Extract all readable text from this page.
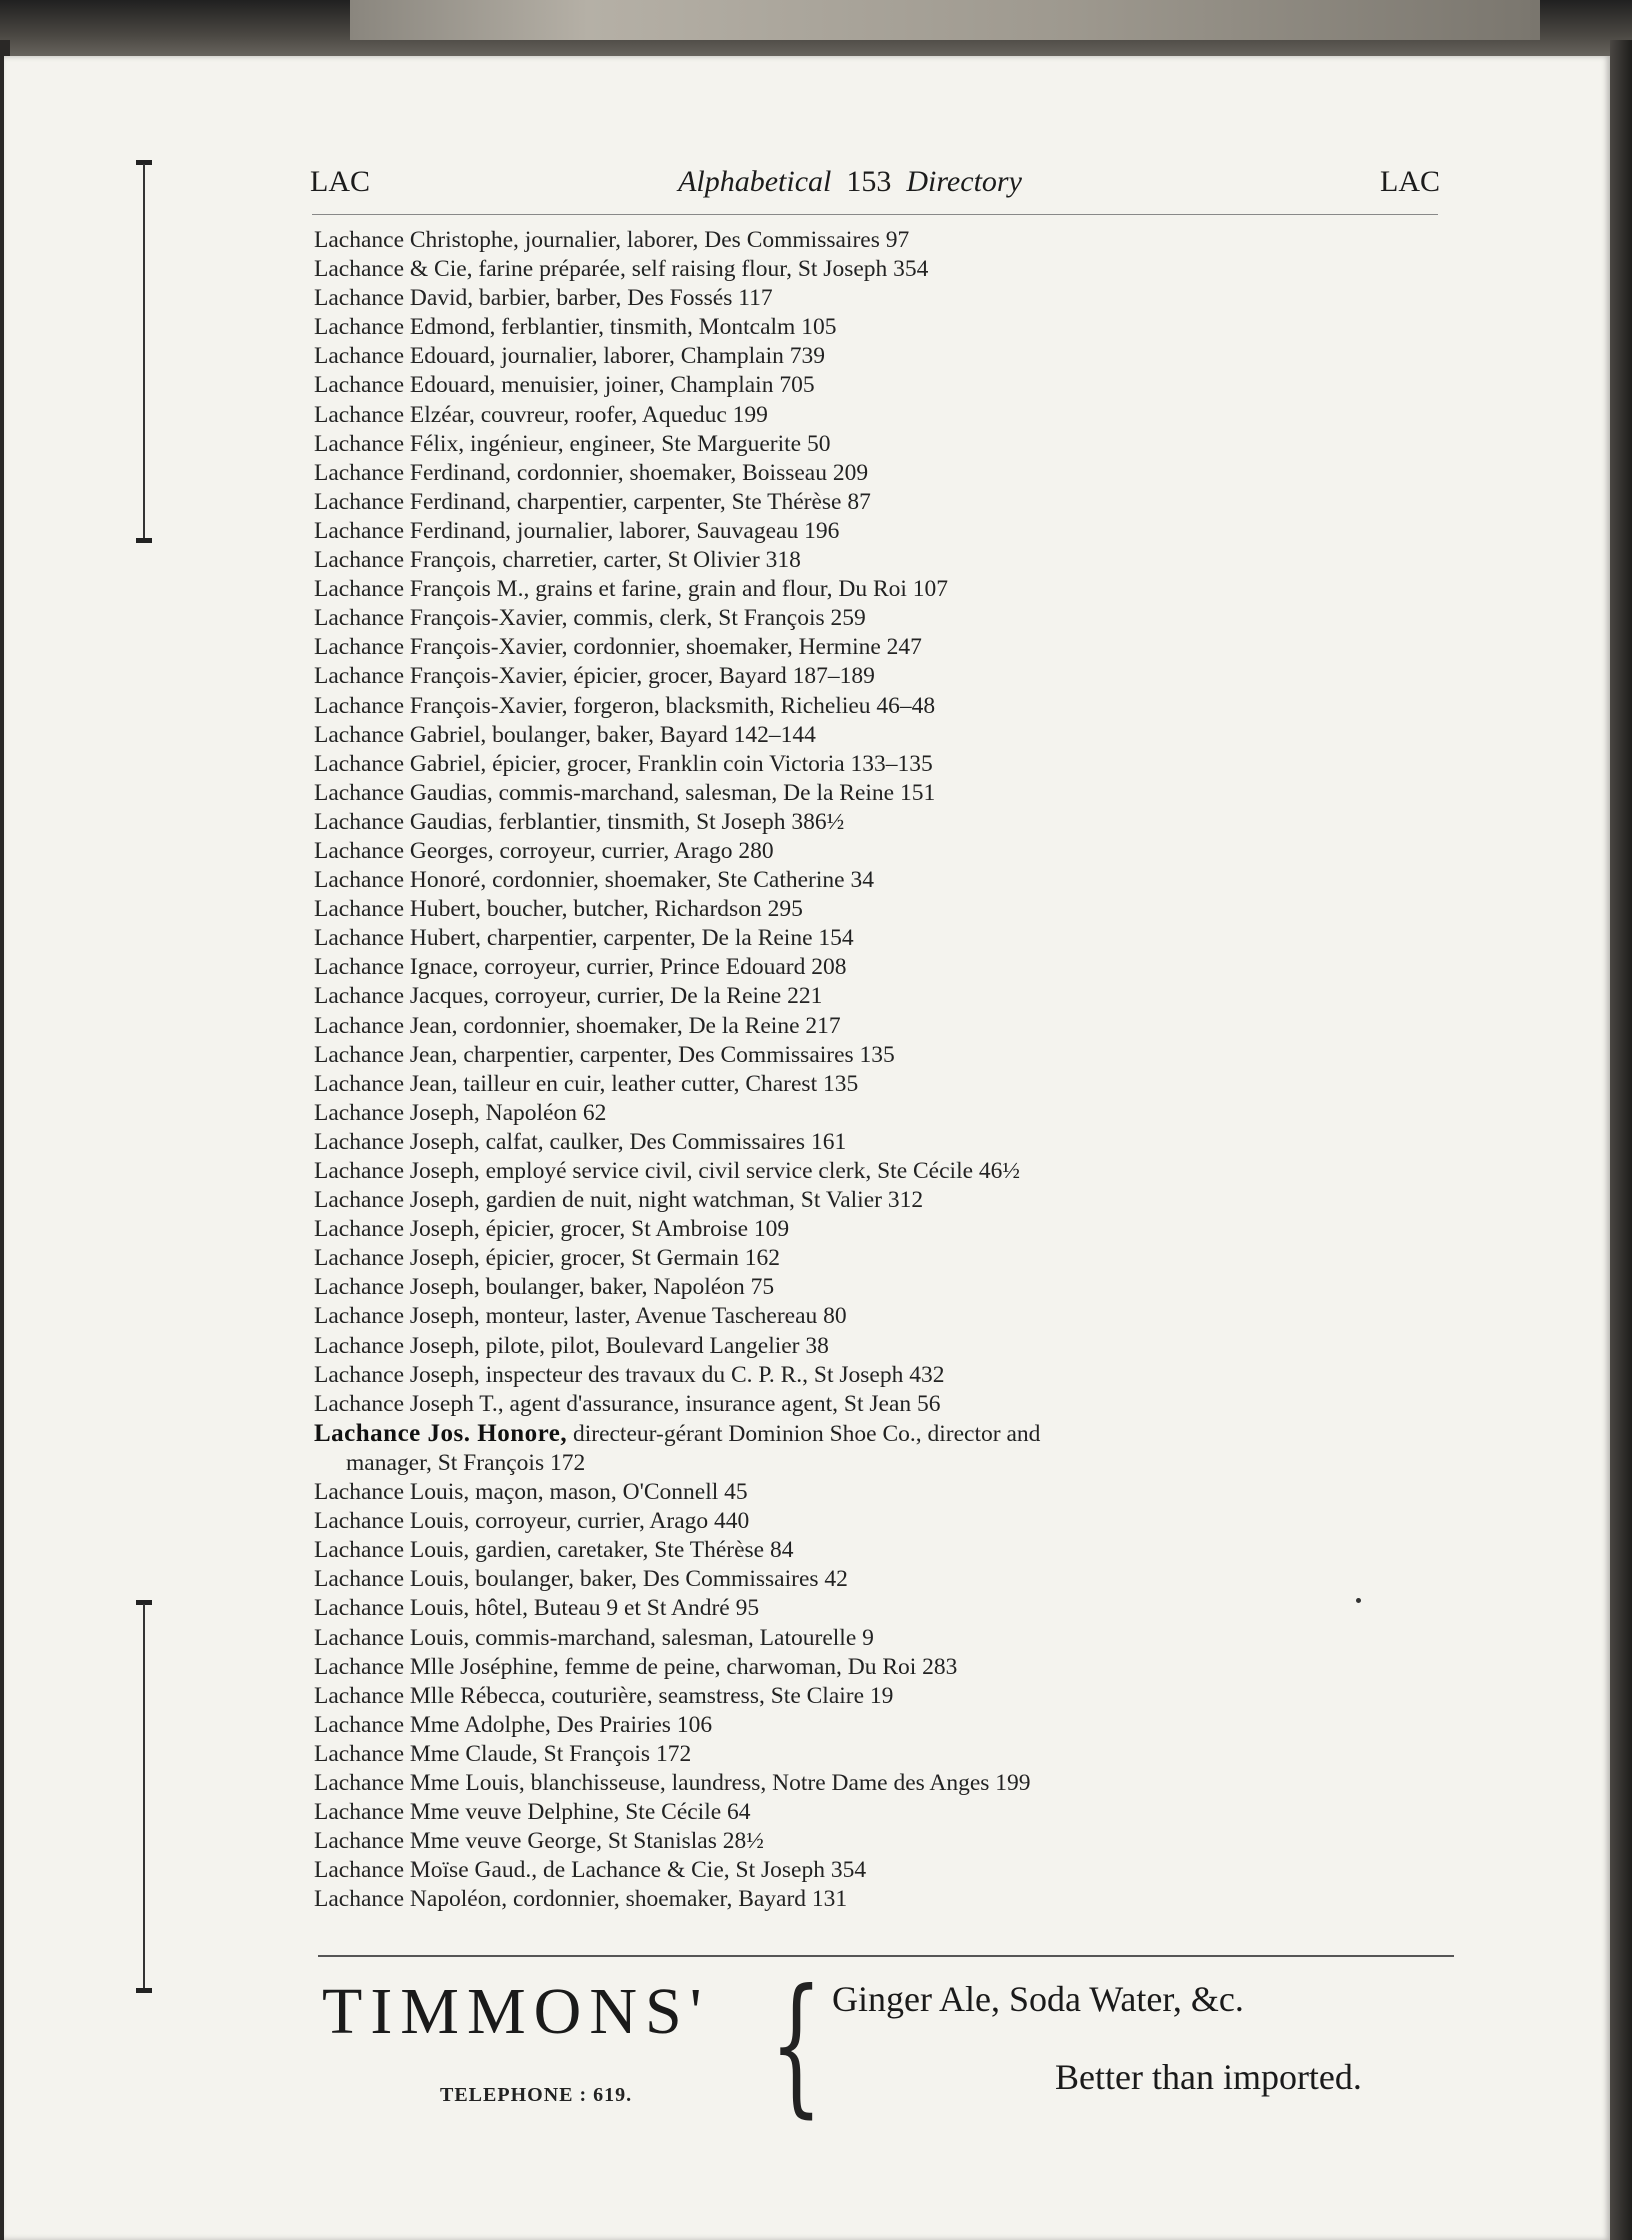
LAC	Alphabetical 153 Directory	LAC
Lachance Christophe, journalier, laborer, Des Commissaires 97
Lachance & Cie, farine préparée, self raising flour, St Joseph 354
Lachance David, barbier, barber, Des Fossés 117
Lachance Edmond, ferblantier, tinsmith, Montcalm 105
Lachance Edouard, journalier, laborer, Champlain 739
Lachance Edouard, menuisier, joiner, Champlain 705
Lachance Elzéar, couvreur, roofer, Aqueduc 199
Lachance Félix, ingénieur, engineer, Ste Marguerite 50
Lachance Ferdinand, cordonnier, shoemaker, Boisseau 209
Lachance Ferdinand, charpentier, carpenter, Ste Thérèse 87
Lachance Ferdinand, journalier, laborer, Sauvageau 196
Lachance François, charretier, carter, St Olivier 318
Lachance François M., grains et farine, grain and flour, Du Roi 107
Lachance François-Xavier, commis, clerk, St François 259
Lachance François-Xavier, cordonnier, shoemaker, Hermine 247
Lachance François-Xavier, épicier, grocer, Bayard 187–189
Lachance François-Xavier, forgeron, blacksmith, Richelieu 46–48
Lachance Gabriel, boulanger, baker, Bayard 142–144
Lachance Gabriel, épicier, grocer, Franklin coin Victoria 133–135
Lachance Gaudias, commis-marchand, salesman, De la Reine 151
Lachance Gaudias, ferblantier, tinsmith, St Joseph 386½
Lachance Georges, corroyeur, currier, Arago 280
Lachance Honoré, cordonnier, shoemaker, Ste Catherine 34
Lachance Hubert, boucher, butcher, Richardson 295
Lachance Hubert, charpentier, carpenter, De la Reine 154
Lachance Ignace, corroyeur, currier, Prince Edouard 208
Lachance Jacques, corroyeur, currier, De la Reine 221
Lachance Jean, cordonnier, shoemaker, De la Reine 217
Lachance Jean, charpentier, carpenter, Des Commissaires 135
Lachance Jean, tailleur en cuir, leather cutter, Charest 135
Lachance Joseph, Napoléon 62
Lachance Joseph, calfat, caulker, Des Commissaires 161
Lachance Joseph, employé service civil, civil service clerk, Ste Cécile 46½
Lachance Joseph, gardien de nuit, night watchman, St Valier 312
Lachance Joseph, épicier, grocer, St Ambroise 109
Lachance Joseph, épicier, grocer, St Germain 162
Lachance Joseph, boulanger, baker, Napoléon 75
Lachance Joseph, monteur, laster, Avenue Taschereau 80
Lachance Joseph, pilote, pilot, Boulevard Langelier 38
Lachance Joseph, inspecteur des travaux du C. P. R., St Joseph 432
Lachance Joseph T., agent d'assurance, insurance agent, St Jean 56
Lachance Jos. Honore, directeur-gérant Dominion Shoe Co., director and
manager, St François 172
Lachance Louis, maçon, mason, O'Connell 45
Lachance Louis, corroyeur, currier, Arago 440
Lachance Louis, gardien, caretaker, Ste Thérèse 84
Lachance Louis, boulanger, baker, Des Commissaires 42
Lachance Louis, hôtel, Buteau 9 et St André 95
Lachance Louis, commis-marchand, salesman, Latourelle 9
Lachance Mlle Joséphine, femme de peine, charwoman, Du Roi 283
Lachance Mlle Rébecca, couturière, seamstress, Ste Claire 19
Lachance Mme Adolphe, Des Prairies 106
Lachance Mme Claude, St François 172
Lachance Mme Louis, blanchisseuse, laundress, Notre Dame des Anges 199
Lachance Mme veuve Delphine, Ste Cécile 64
Lachance Mme veuve George, St Stanislas 28½
Lachance Moïse Gaud., de Lachance & Cie, St Joseph 354
Lachance Napoléon, cordonnier, shoemaker, Bayard 131
TIMMONS' { Ginger Ale, Soda Water, &c.
Better than imported.
TELEPHONE : 619.
